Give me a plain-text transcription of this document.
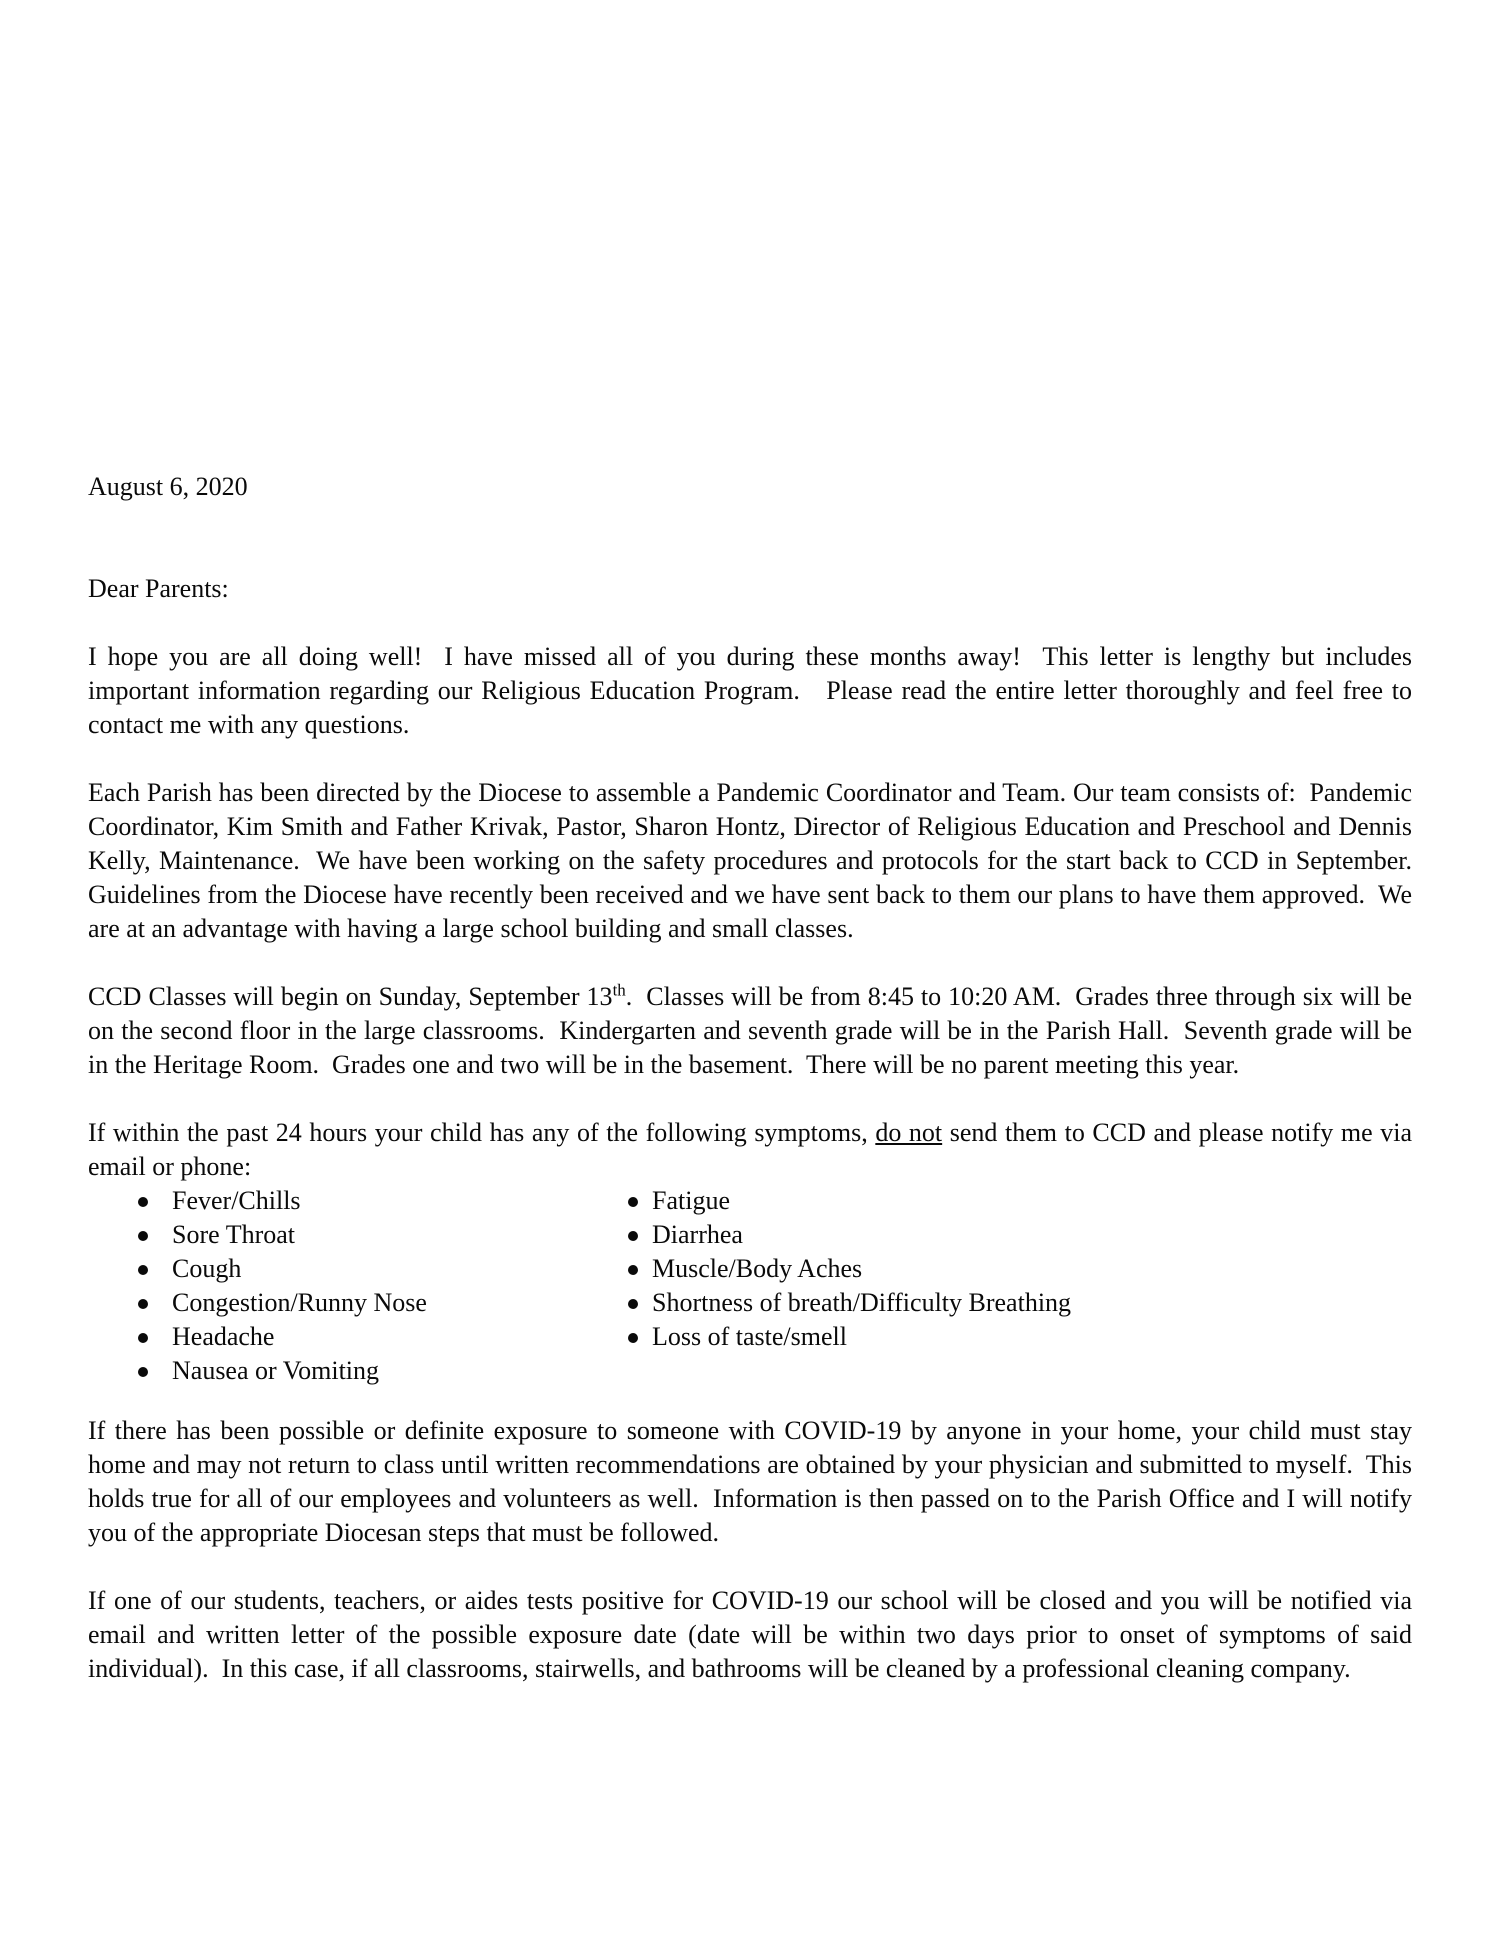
August 6, 2020
Dear Parents:

I hope you are all doing well!  I have missed all of you during these months away!  This letter is lengthy but includes important information regarding our Religious Education Program.   Please read the entire letter thoroughly and feel free to contact me with any questions.

Each Parish has been directed by the Diocese to assemble a Pandemic Coordinator and Team. Our team consists of:  Pandemic Coordinator, Kim Smith and Father Krivak, Pastor, Sharon Hontz, Director of Religious Education and Preschool and Dennis Kelly, Maintenance.  We have been working on the safety procedures and protocols for the start back to CCD in September.   Guidelines from the Diocese have recently been received and we have sent back to them our plans to have them approved.  We are at an advantage with having a large school building and small classes.

CCD Classes will begin on Sunday, September 13th.  Classes will be from 8:45 to 10:20 AM.  Grades three through six will be on the second floor in the large classrooms.  Kindergarten and seventh grade will be in the Parish Hall.  Seventh grade will be in the Heritage Room.  Grades one and two will be in the basement.  There will be no parent meeting this year.

If within the past 24 hours your child has any of the following symptoms, do not send them to CCD and please notify me via email or phone:

Fever/Chills
Sore Throat
Cough
Congestion/Runny Nose
Headache
Nausea or Vomiting
Fatigue
Diarrhea
Muscle/Body Aches
Shortness of breath/Difficulty Breathing
Loss of taste/smell

If there has been possible or definite exposure to someone with COVID-19 by anyone in your home, your child must stay home and may not return to class until written recommendations are obtained by your physician and submitted to myself.  This holds true for all of our employees and volunteers as well.  Information is then passed on to the Parish Office and I will notify you of the appropriate Diocesan steps that must be followed.

If one of our students, teachers, or aides tests positive for COVID-19 our school will be closed and you will be notified via email and written letter of the possible exposure date (date will be within two days prior to onset of symptoms of said individual).  In this case, if all classrooms, stairwells, and bathrooms will be cleaned by a professional cleaning company.
